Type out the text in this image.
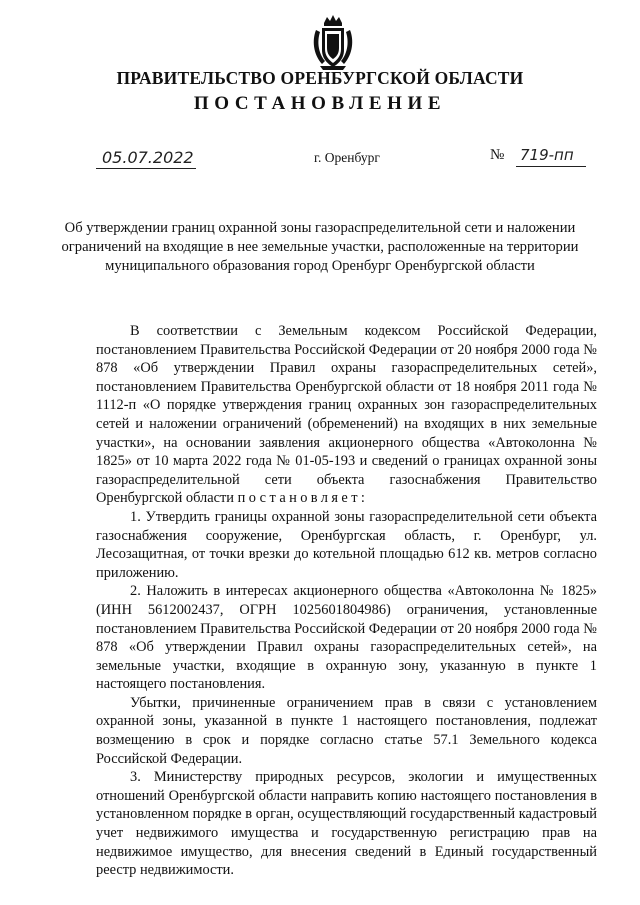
ПРАВИТЕЛЬСТВО ОРЕНБУРГСКОЙ ОБЛАСТИ
ПОСТАНОВЛЕНИЕ
05.07.2022	г. Оренбург	№ 719-пп
Об утверждении границ охранной зоны газораспределительной сети и наложении ограничений на входящие в нее земельные участки, расположенные на территории муниципального образования город Оренбург Оренбургской области

В соответствии с Земельным кодексом Российской Федерации, постановлением Правительства Российской Федерации от 20 ноября 2000 года № 878 «Об утверждении Правил охраны газораспределительных сетей», постановлением Правительства Оренбургской области от 18 ноября 2011 года № 1112-п «О порядке утверждения границ охранных зон газораспределительных сетей и наложении ограничений (обременений) на входящих в них земельные участки», на основании заявления акционерного общества «Автоколонна № 1825» от 10 марта 2022 года № 01-05-193 и сведений о границах охранной зоны газораспределительной сети объекта газоснабжения Правительство Оренбургской области постановляет:

1. Утвердить границы охранной зоны газораспределительной сети объекта газоснабжения сооружение, Оренбургская область, г. Оренбург, ул. Лесозащитная, от точки врезки до котельной площадью 612 кв. метров согласно приложению.

2. Наложить в интересах акционерного общества «Автоколонна № 1825» (ИНН 5612002437, ОГРН 1025601804986) ограничения, установленные постановлением Правительства Российской Федерации от 20 ноября 2000 года № 878 «Об утверждении Правил охраны газораспределительных сетей», на земельные участки, входящие в охранную зону, указанную в пункте 1 настоящего постановления.

Убытки, причиненные ограничением прав в связи с установлением охранной зоны, указанной в пункте 1 настоящего постановления, подлежат возмещению в срок и порядке согласно статье 57.1 Земельного кодекса Российской Федерации.

3. Министерству природных ресурсов, экологии и имущественных отношений Оренбургской области направить копию настоящего постановления в установленном порядке в орган, осуществляющий государственный кадастровый учет недвижимого имущества и государственную регистрацию прав на недвижимое имущество, для внесения сведений в Единый государственный реестр недвижимости.
